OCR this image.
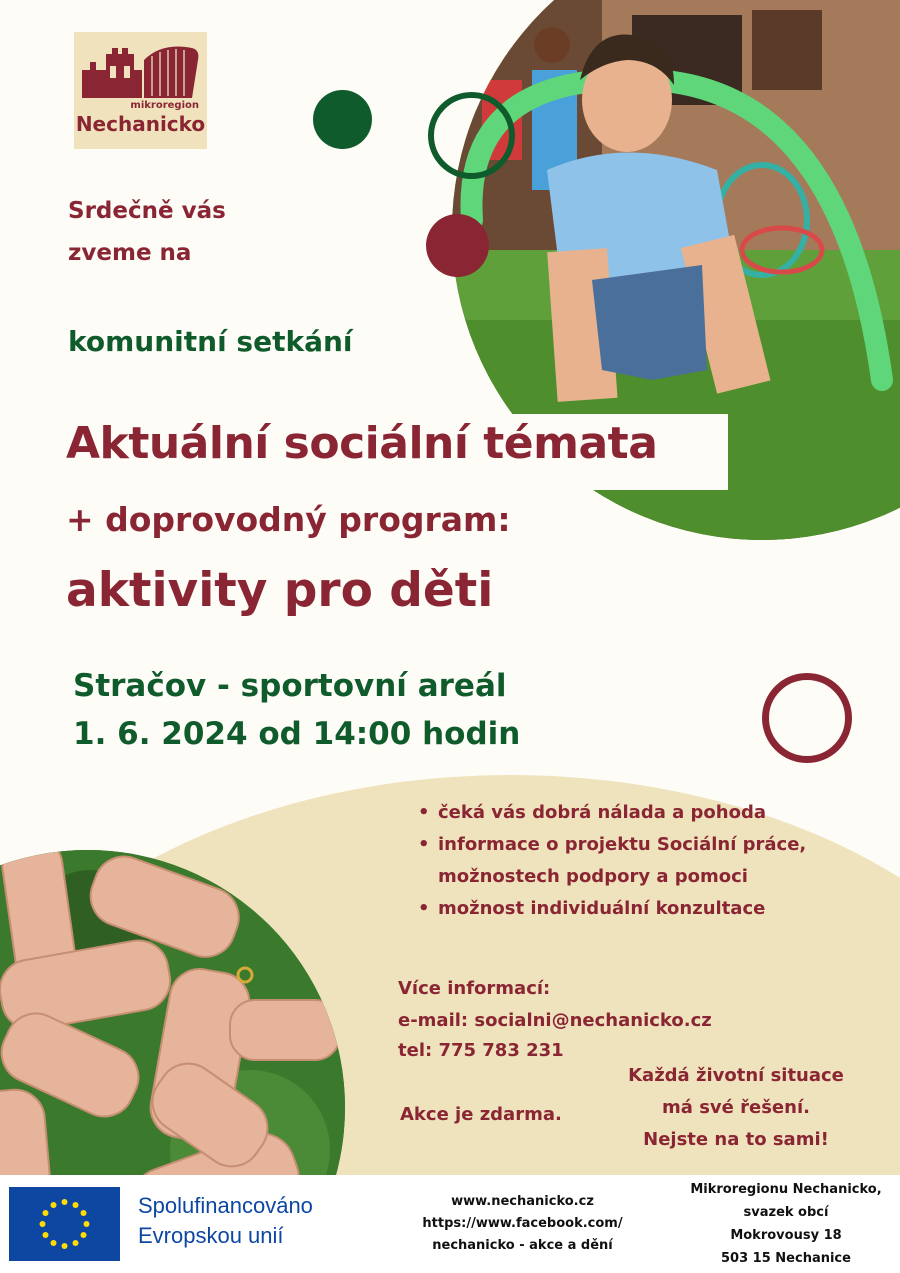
mikroregion
Nechanicko
Srdečně vás
zveme na
komunitní setkání
Aktuální sociální témata
+ doprovodný program:
aktivity pro děti
Stračov - sportovní areál
1. 6. 2024 od 14:00 hodin
• čeká vás dobrá nálada a pohoda
• informace o projektu Sociální práce,
možnostech podpory a pomoci
• možnost individuální konzultace
Více informací:
e-mail: socialni@nechanicko.cz
tel: 775 783 231
Akce je zdarma.
Každá životní situace
má své řešení.
Nejste na to sami!
Spolufinancováno
Evropskou unií
www.nechanicko.cz
https://www.facebook.com/
nechanicko - akce a dění
Mikroregionu Nechanicko,
svazek obcí
Mokrovousy 18
503 15 Nechanice
